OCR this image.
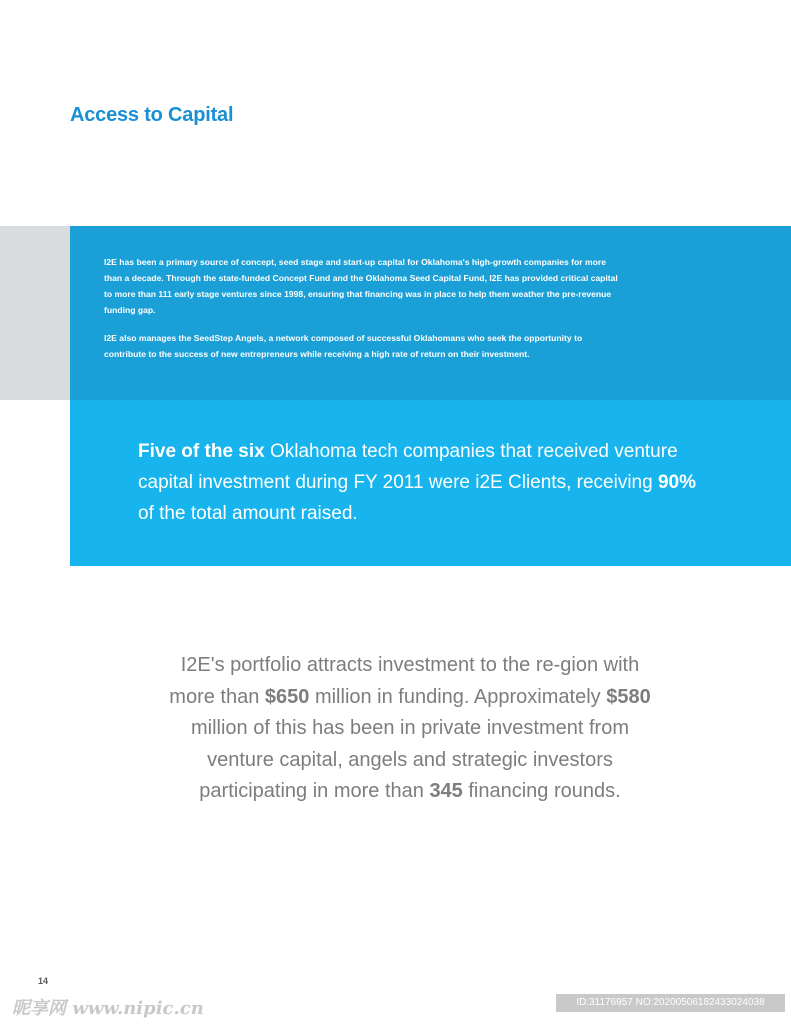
Access to Capital

I2E has been a primary source of concept, seed stage and start-up capital for Oklahoma's high-growth companies for more than a decade. Through the state-funded Concept Fund and the Oklahoma Seed Capital Fund, I2E has provided critical capital to more than 111 early stage ventures since 1998, ensuring that financing was in place to help them weather the pre-revenue funding gap.

I2E also manages the SeedStep Angels, a network composed of successful Oklahomans who seek the opportunity to contribute to the success of new entrepreneurs while receiving a high rate of return on their investment.

Five of the six Oklahoma tech companies that received venture capital investment during FY 2011 were i2E Clients, receiving 90% of the total amount raised.
I2E's portfolio attracts investment to the re-gion with more than $650 million in funding. Approximately $580 million of this has been in private investment from venture capital, angels and strategic investors participating in more than 345 financing rounds.
14
昵享网 www.nipic.cn	ID:31176957 NO:20200506182433024038
